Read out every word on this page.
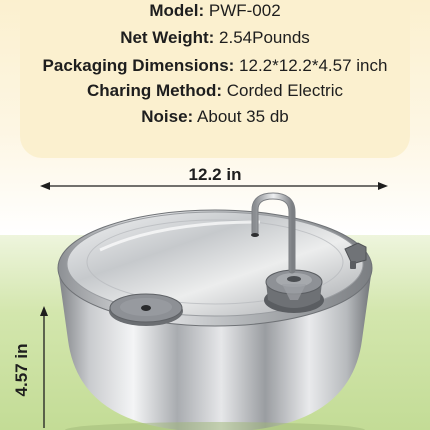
Model: PWF-002
Net Weight: 2.54Pounds
Packaging Dimensions: 12.2*12.2*4.57 inch
Charing Method: Corded Electric
Noise: About 35 db
12.2 in
4.57 in
